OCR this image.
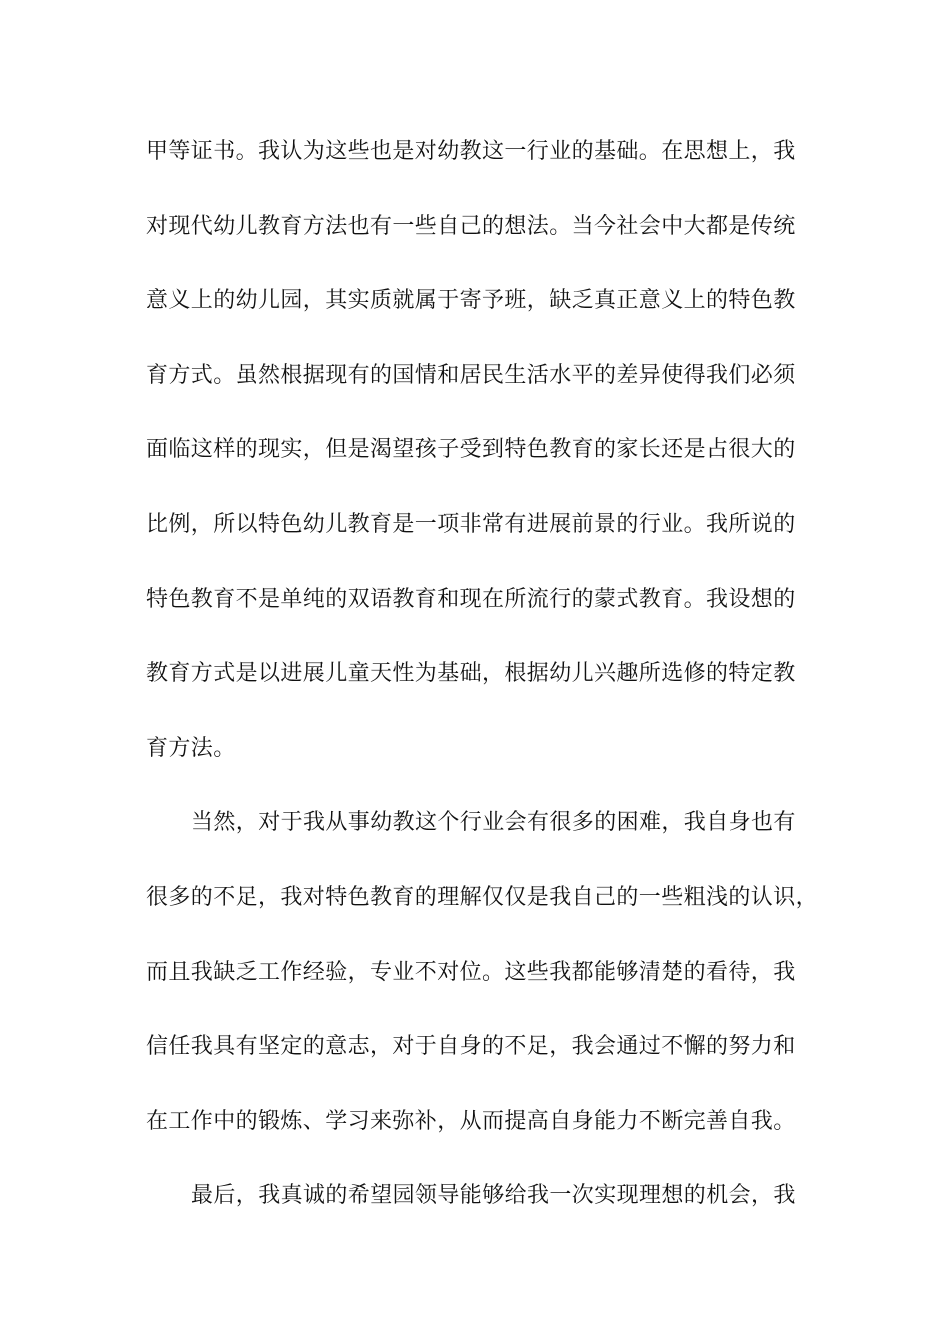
甲等证书。我认为这些也是对幼教这一行业的基础。在思想上，我
对现代幼儿教育方法也有一些自己的想法。当今社会中大都是传统
意义上的幼儿园，其实质就属于寄予班，缺乏真正意义上的特色教
育方式。虽然根据现有的国情和居民生活水平的差异使得我们必须
面临这样的现实，但是渴望孩子受到特色教育的家长还是占很大的
比例，所以特色幼儿教育是一项非常有进展前景的行业。我所说的
特色教育不是单纯的双语教育和现在所流行的蒙式教育。我设想的
教育方式是以进展儿童天性为基础，根据幼儿兴趣所选修的特定教
育方法。
当然，对于我从事幼教这个行业会有很多的困难，我自身也有
很多的不足，我对特色教育的理解仅仅是我自己的一些粗浅的认识，
而且我缺乏工作经验，专业不对位。这些我都能够清楚的看待，我
信任我具有坚定的意志，对于自身的不足，我会通过不懈的努力和
在工作中的锻炼、学习来弥补，从而提高自身能力不断完善自我。
最后，我真诚的希望园领导能够给我一次实现理想的机会，我
